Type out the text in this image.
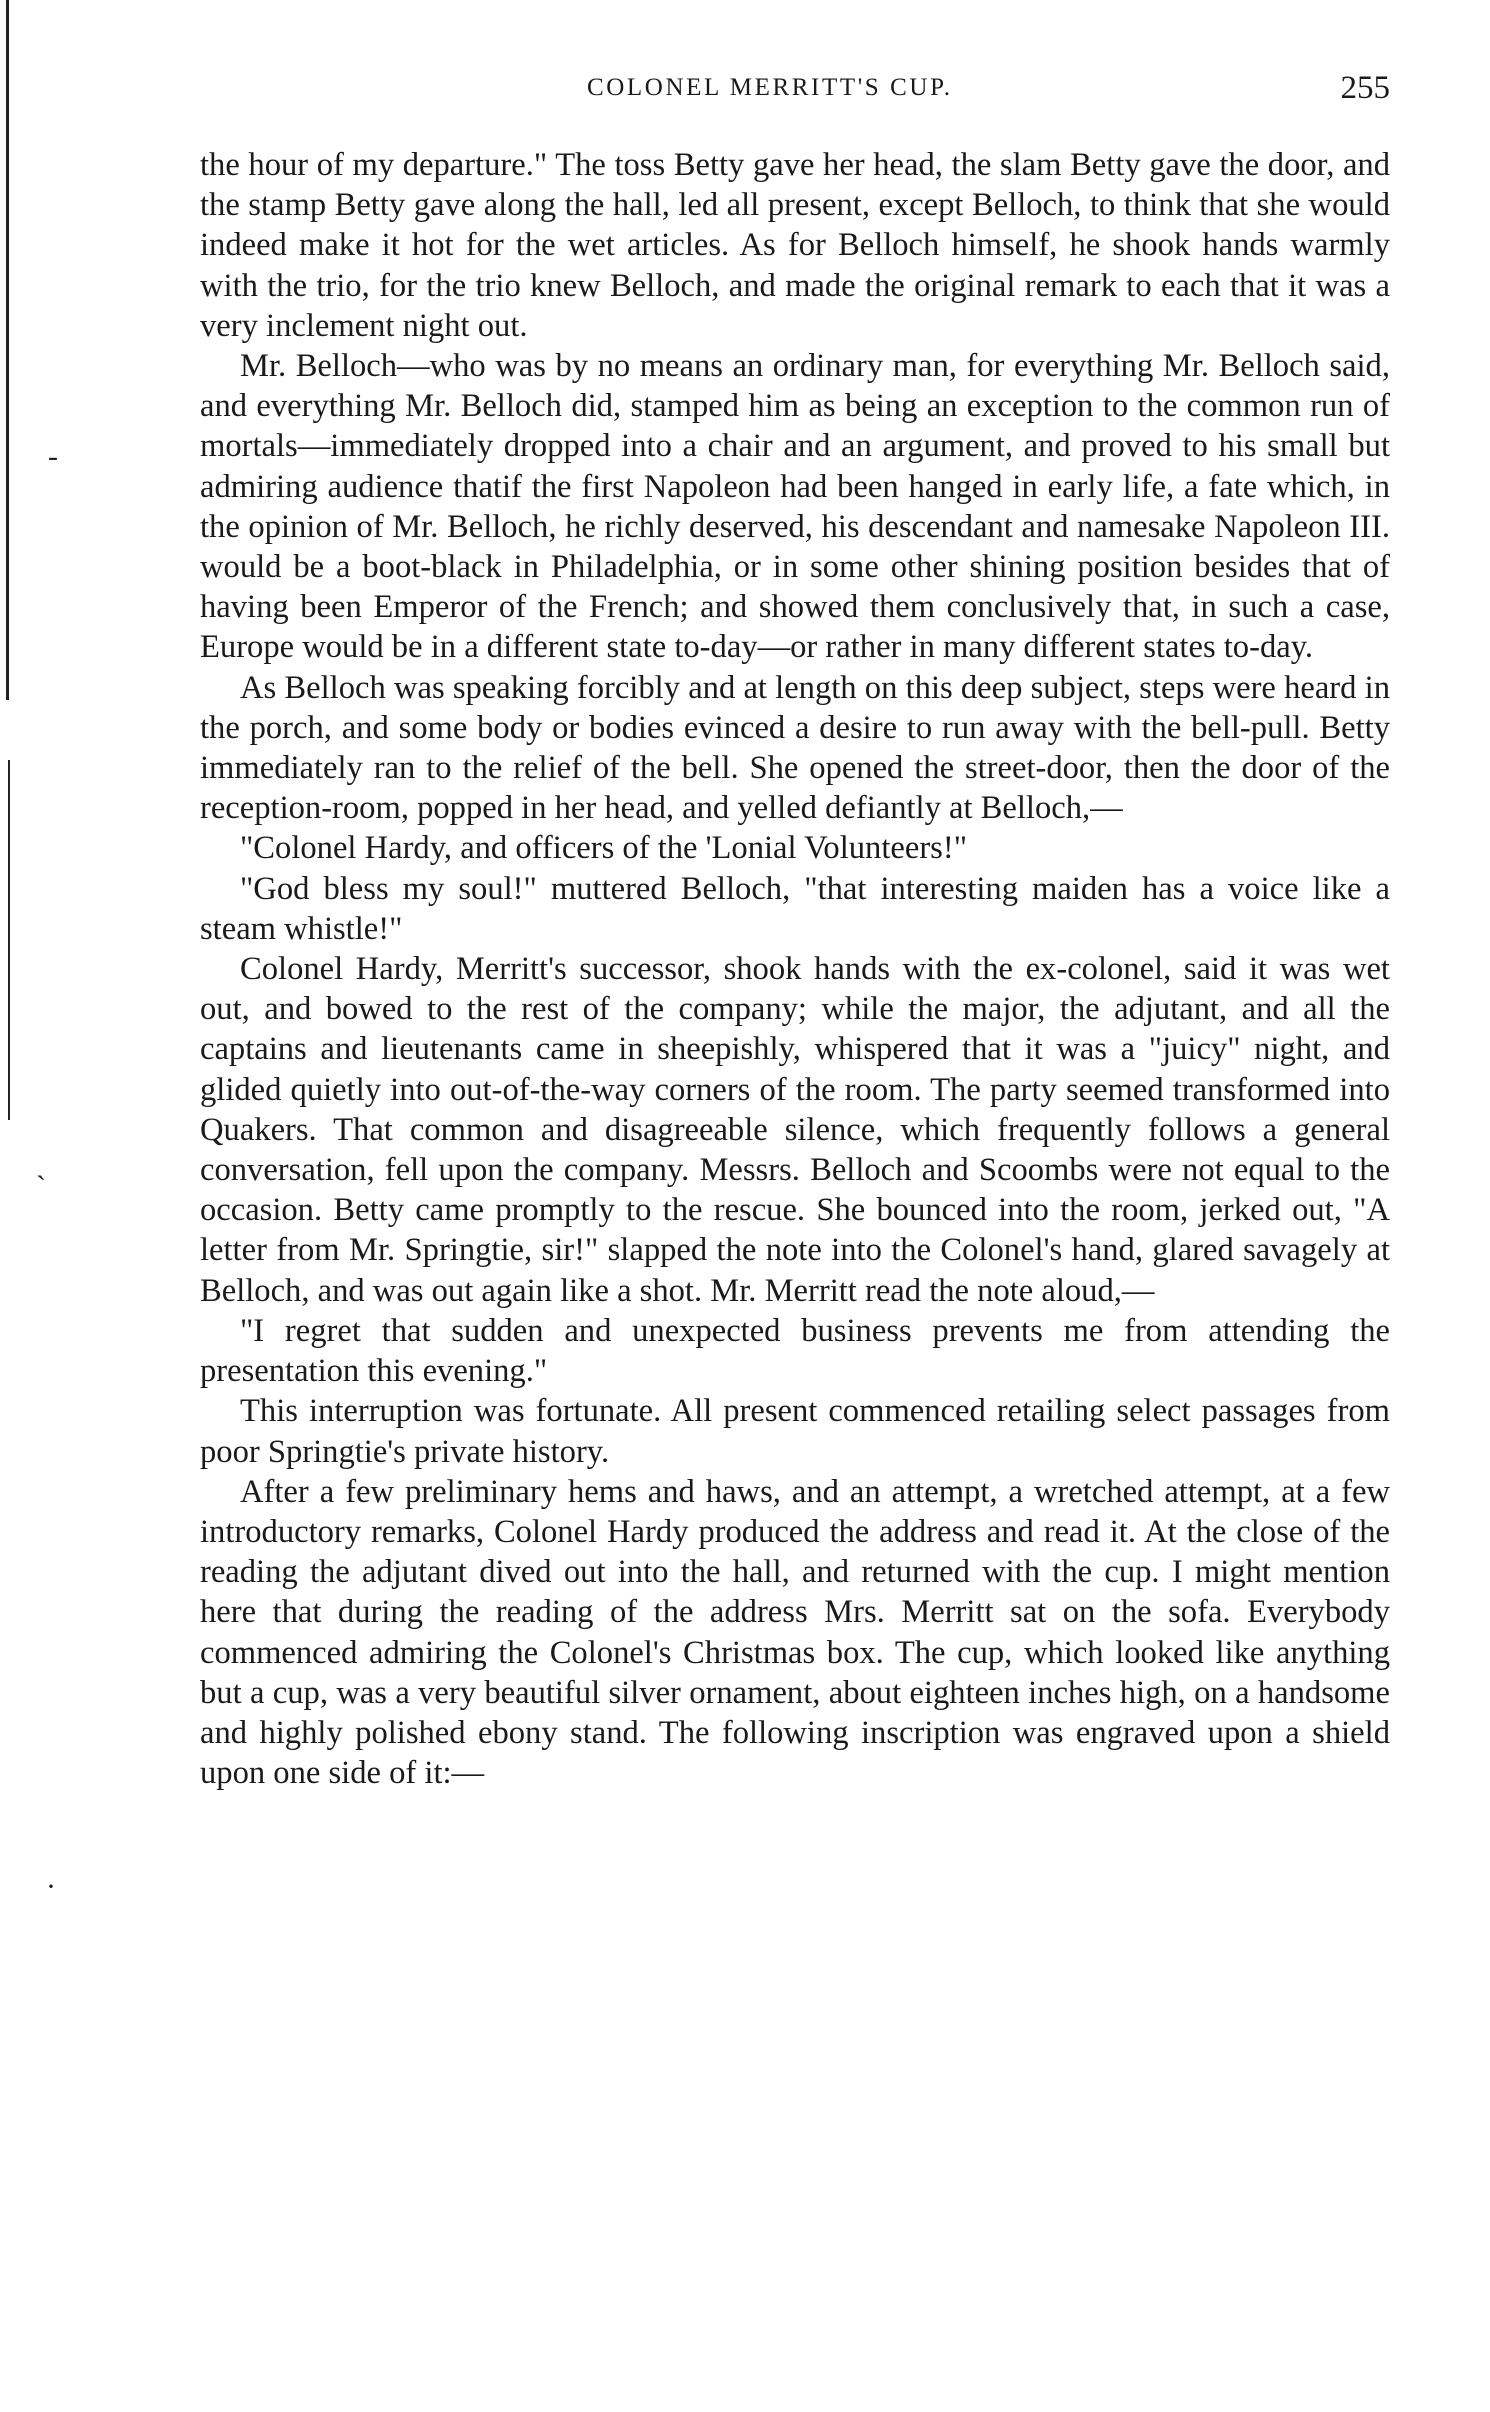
-
`
·
COLONEL MERRITT'S CUP.	255

the hour of my departure." The toss Betty gave her head, the slam Betty gave the door, and the stamp Betty gave along the hall, led all present, except Belloch, to think that she would indeed make it hot for the wet articles. As for Belloch himself, he shook hands warmly with the trio, for the trio knew Belloch, and made the original remark to each that it was a very inclement night out.

Mr. Belloch—who was by no means an ordinary man, for everything Mr. Belloch said, and everything Mr. Belloch did, stamped him as being an exception to the common run of mortals—immediately dropped into a chair and an argument, and proved to his small but admiring audience thatif the first Napoleon had been hanged in early life, a fate which, in the opinion of Mr. Belloch, he richly deserved, his descendant and namesake Napoleon III. would be a boot-black in Philadelphia, or in some other shining position besides that of having been Emperor of the French; and showed them conclusively that, in such a case, Europe would be in a different state to-day—or rather in many different states to-day.

As Belloch was speaking forcibly and at length on this deep subject, steps were heard in the porch, and some body or bodies evinced a desire to run away with the bell-pull. Betty immediately ran to the relief of the bell. She opened the street-door, then the door of the reception-room, popped in her head, and yelled defiantly at Belloch,—

"Colonel Hardy, and officers of the 'Lonial Volunteers!"

"God bless my soul!" muttered Belloch, "that interesting maiden has a voice like a steam whistle!"

Colonel Hardy, Merritt's successor, shook hands with the ex-colonel, said it was wet out, and bowed to the rest of the company; while the major, the adjutant, and all the captains and lieutenants came in sheepishly, whispered that it was a "juicy" night, and glided quietly into out-of-the-way corners of the room. The party seemed transformed into Quakers. That common and disagreeable silence, which frequently follows a general conversation, fell upon the company. Messrs. Belloch and Scoombs were not equal to the occasion. Betty came promptly to the rescue. She bounced into the room, jerked out, "A letter from Mr. Springtie, sir!" slapped the note into the Colonel's hand, glared savagely at Belloch, and was out again like a shot. Mr. Merritt read the note aloud,—

"I regret that sudden and unexpected business prevents me from attending the presentation this evening."

This interruption was fortunate. All present commenced retailing select passages from poor Springtie's private history.

After a few preliminary hems and haws, and an attempt, a wretched attempt, at a few introductory remarks, Colonel Hardy produced the address and read it. At the close of the reading the adjutant dived out into the hall, and returned with the cup. I might mention here that during the reading of the address Mrs. Merritt sat on the sofa. Everybody commenced admiring the Colonel's Christmas box. The cup, which looked like anything but a cup, was a very beautiful silver ornament, about eighteen inches high, on a handsome and highly polished ebony stand. The following inscription was engraved upon a shield upon one side of it:—
